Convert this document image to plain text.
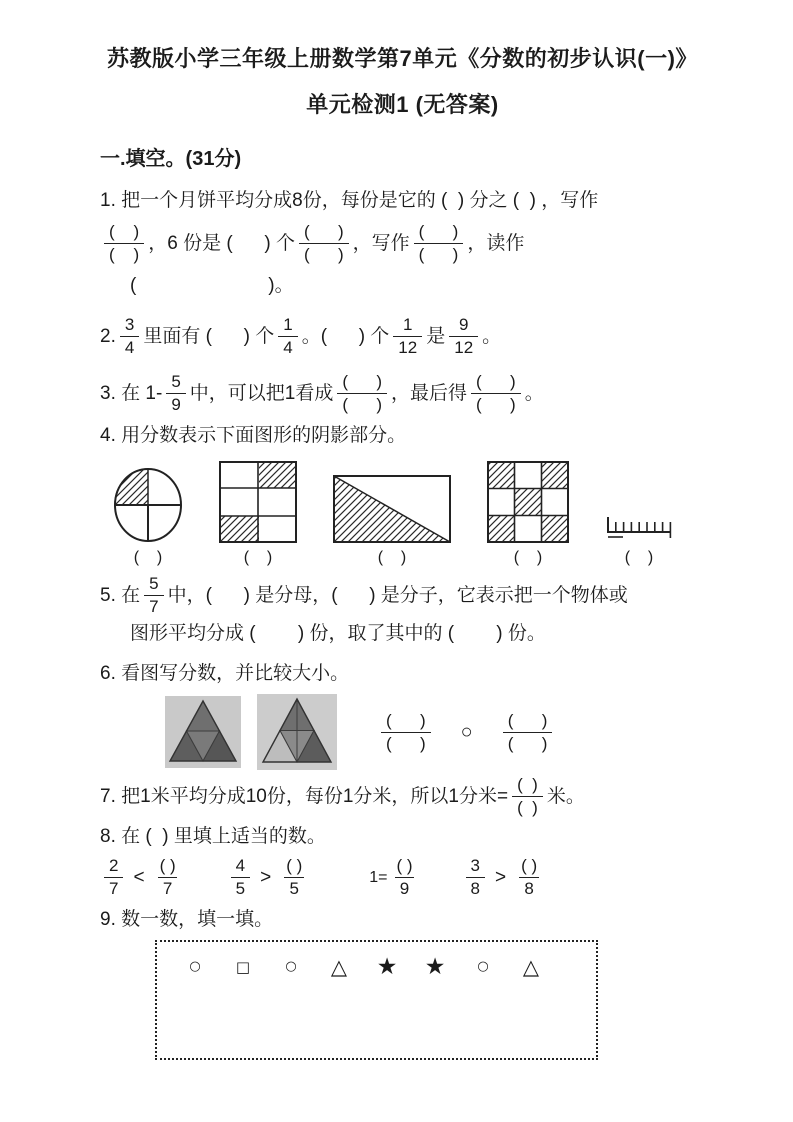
苏教版小学三年级上册数学第7单元《分数的初步认识(一)》
单元检测1 (无答案)
一.填空。(31分)
1. 把一个月饼平均分成8份，每份是它的 (  ) 分之 (  ) ，写作
$\frac{( )}{( )}$ ，6 份是 (      ) 个 $\frac{( )}{( )}$ ，写作 $\frac{( )}{( )}$ ，读作
(                         )。
2. $\frac{3}{4}$ 里面有 (      ) 个 $\frac{1}{4}$ 。(      ) 个 $\frac{1}{12}$ 是 $\frac{9}{12}$ 。
3. 在 $1- \frac{5}{9}$ 中，可以把1看成 $\frac{( )}{( )}$ ，最后得 $\frac{( )}{( )}$ 。
4. 用分数表示下面图形的阴影部分。
(    )	(    )	(    )	(    )	(    )
5. 在 $\frac{5}{7}$ 中，(      ) 是分母，(      ) 是分子，它表示把一个物体或
图形平均分成 (        ) 份，取了其中的 (        ) 份。
6. 看图写分数，并比较大小。
$\frac{( )}{( )}$ ○ $\frac{( )}{( )}$
7. 把1米平均分成10份，每份1分米，所以1分米= $\frac{( )}{( )}$ 米。
8. 在 (  ) 里填上适当的数。
$\frac{2}{7} < \frac{( )}{7}$	$\frac{4}{5} > \frac{( )}{5}$	$1= \frac{( )}{9}$	$\frac{3}{8} > \frac{( )}{8}$
9. 数一数，填一填。
○	□	○	△	★	★	○	△
